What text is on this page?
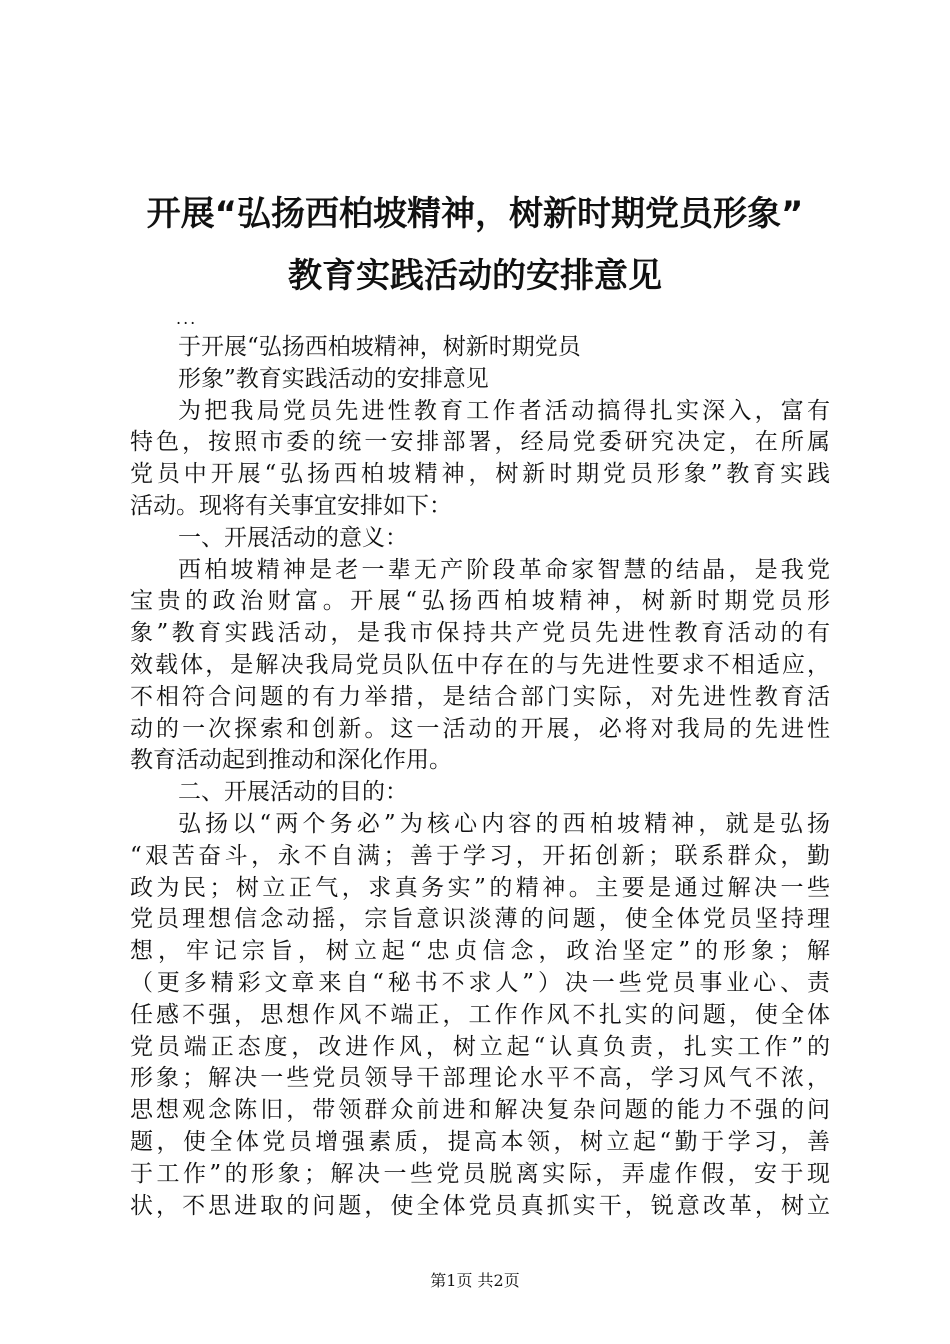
开展“弘扬西柏坡精神，树新时期党员形象”
教育实践活动的安排意见
...
于开展“弘扬西柏坡精神，树新时期党员
形象”教育实践活动的安排意见
为把我局党员先进性教育工作者活动搞得扎实深入，富有
特色，按照市委的统一安排部署，经局党委研究决定，在所属
党员中开展“弘扬西柏坡精神，树新时期党员形象”教育实践
活动。现将有关事宜安排如下：
一、开展活动的意义：
西柏坡精神是老一辈无产阶段革命家智慧的结晶，是我党
宝贵的政治财富。开展“弘扬西柏坡精神，树新时期党员形
象”教育实践活动，是我市保持共产党员先进性教育活动的有
效载体，是解决我局党员队伍中存在的与先进性要求不相适应，
不相符合问题的有力举措，是结合部门实际，对先进性教育活
动的一次探索和创新。这一活动的开展，必将对我局的先进性
教育活动起到推动和深化作用。
二、开展活动的目的：
弘扬以“两个务必”为核心内容的西柏坡精神，就是弘扬
“艰苦奋斗，永不自满；善于学习，开拓创新；联系群众，勤
政为民；树立正气，求真务实”的精神。主要是通过解决一些
党员理想信念动摇，宗旨意识淡薄的问题，使全体党员坚持理
想，牢记宗旨，树立起“忠贞信念，政治坚定”的形象；解
（更多精彩文章来自“秘书不求人”）决一些党员事业心、责
任感不强，思想作风不端正，工作作风不扎实的问题，使全体
党员端正态度，改进作风，树立起“认真负责，扎实工作”的
形象；解决一些党员领导干部理论水平不高，学习风气不浓，
思想观念陈旧，带领群众前进和解决复杂问题的能力不强的问
题，使全体党员增强素质，提高本领，树立起“勤于学习，善
于工作”的形象；解决一些党员脱离实际，弄虚作假，安于现
状，不思进取的问题，使全体党员真抓实干，锐意改革，树立
第1页 共2页
